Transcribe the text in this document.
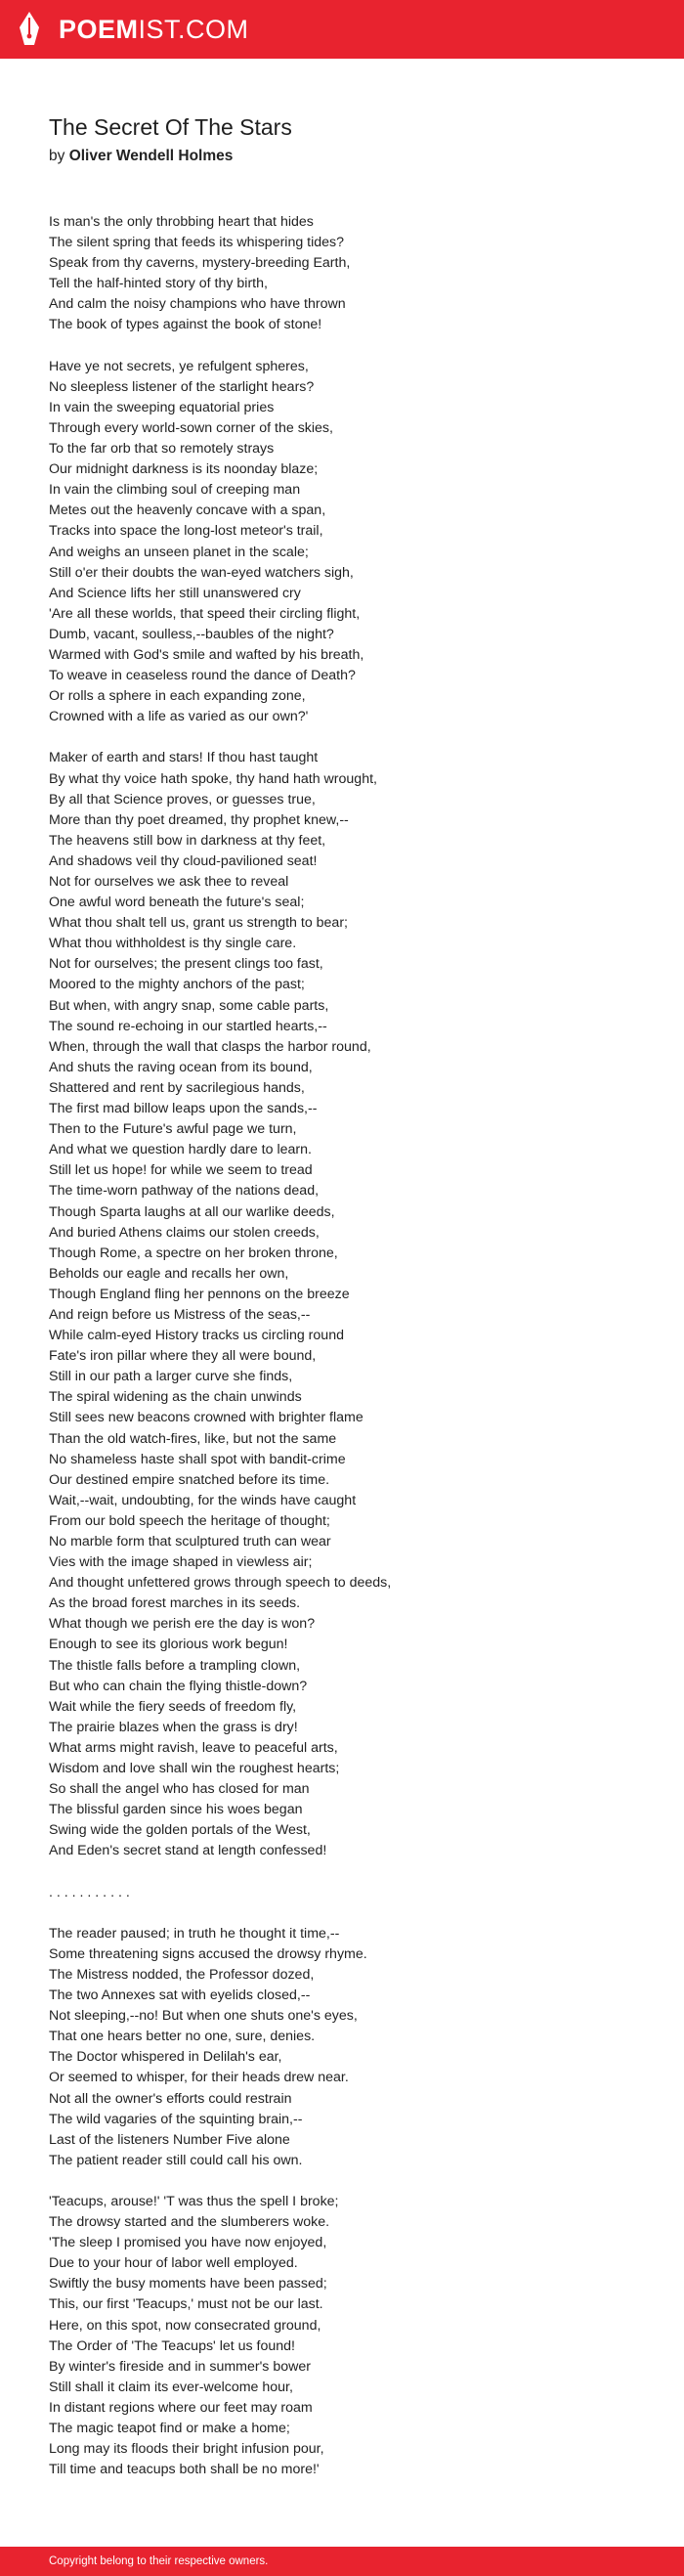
POEMIST.COM
The Secret Of The Stars
by Oliver Wendell Holmes
Is man's the only throbbing heart that hides
The silent spring that feeds its whispering tides?
Speak from thy caverns, mystery-breeding Earth,
Tell the half-hinted story of thy birth,
And calm the noisy champions who have thrown
The book of types against the book of stone!
Have ye not secrets, ye refulgent spheres,
No sleepless listener of the starlight hears?
In vain the sweeping equatorial pries
Through every world-sown corner of the skies,
To the far orb that so remotely strays
Our midnight darkness is its noonday blaze;
In vain the climbing soul of creeping man
Metes out the heavenly concave with a span,
Tracks into space the long-lost meteor's trail,
And weighs an unseen planet in the scale;
Still o'er their doubts the wan-eyed watchers sigh,
And Science lifts her still unanswered cry
'Are all these worlds, that speed their circling flight,
Dumb, vacant, soulless,--baubles of the night?
Warmed with God's smile and wafted by his breath,
To weave in ceaseless round the dance of Death?
Or rolls a sphere in each expanding zone,
Crowned with a life as varied as our own?'
Maker of earth and stars! If thou hast taught
By what thy voice hath spoke, thy hand hath wrought,
By all that Science proves, or guesses true,
More than thy poet dreamed, thy prophet knew,--
The heavens still bow in darkness at thy feet,
And shadows veil thy cloud-pavilioned seat!
Not for ourselves we ask thee to reveal
One awful word beneath the future's seal;
What thou shalt tell us, grant us strength to bear;
What thou withholdest is thy single care.
Not for ourselves; the present clings too fast,
Moored to the mighty anchors of the past;
But when, with angry snap, some cable parts,
The sound re-echoing in our startled hearts,--
When, through the wall that clasps the harbor round,
And shuts the raving ocean from its bound,
Shattered and rent by sacrilegious hands,
The first mad billow leaps upon the sands,--
Then to the Future's awful page we turn,
And what we question hardly dare to learn.
Still let us hope! for while we seem to tread
The time-worn pathway of the nations dead,
Though Sparta laughs at all our warlike deeds,
And buried Athens claims our stolen creeds,
Though Rome, a spectre on her broken throne,
Beholds our eagle and recalls her own,
Though England fling her pennons on the breeze
And reign before us Mistress of the seas,--
While calm-eyed History tracks us circling round
Fate's iron pillar where they all were bound,
Still in our path a larger curve she finds,
The spiral widening as the chain unwinds
Still sees new beacons crowned with brighter flame
Than the old watch-fires, like, but not the same
No shameless haste shall spot with bandit-crime
Our destined empire snatched before its time.
Wait,--wait, undoubting, for the winds have caught
From our bold speech the heritage of thought;
No marble form that sculptured truth can wear
Vies with the image shaped in viewless air;
And thought unfettered grows through speech to deeds,
As the broad forest marches in its seeds.
What though we perish ere the day is won?
Enough to see its glorious work begun!
The thistle falls before a trampling clown,
But who can chain the flying thistle-down?
Wait while the fiery seeds of freedom fly,
The prairie blazes when the grass is dry!
What arms might ravish, leave to peaceful arts,
Wisdom and love shall win the roughest hearts;
So shall the angel who has closed for man
The blissful garden since his woes began
Swing wide the golden portals of the West,
And Eden's secret stand at length confessed!
. . . . . . . . . . .
The reader paused; in truth he thought it time,--
Some threatening signs accused the drowsy rhyme.
The Mistress nodded, the Professor dozed,
The two Annexes sat with eyelids closed,--
Not sleeping,--no! But when one shuts one's eyes,
That one hears better no one, sure, denies.
The Doctor whispered in Delilah's ear,
Or seemed to whisper, for their heads drew near.
Not all the owner's efforts could restrain
The wild vagaries of the squinting brain,--
Last of the listeners Number Five alone
The patient reader still could call his own.
'Teacups, arouse!' 'T was thus the spell I broke;
The drowsy started and the slumberers woke.
'The sleep I promised you have now enjoyed,
Due to your hour of labor well employed.
Swiftly the busy moments have been passed;
This, our first 'Teacups,' must not be our last.
Here, on this spot, now consecrated ground,
The Order of 'The Teacups' let us found!
By winter's fireside and in summer's bower
Still shall it claim its ever-welcome hour,
In distant regions where our feet may roam
The magic teapot find or make a home;
Long may its floods their bright infusion pour,
Till time and teacups both shall be no more!'
Copyright belong to their respective owners.
